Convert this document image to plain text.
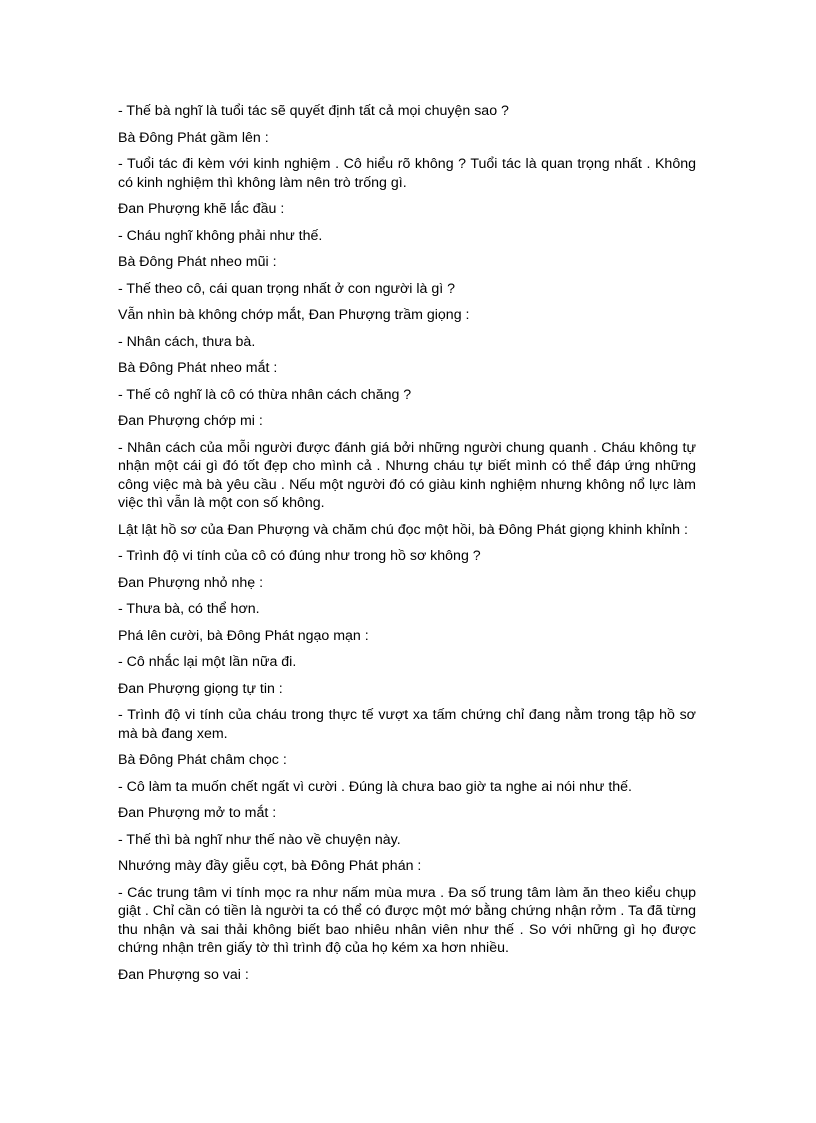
- Thế bà nghĩ là tuổi tác sẽ quyết định tất cả mọi chuyện sao ?

Bà Đông Phát gầm lên :

- Tuổi tác đi kèm với kinh nghiệm . Cô hiểu rõ không ? Tuổi tác là quan trọng nhất . Không có kinh nghiệm thì không làm nên trò trống gì.

Đan Phượng khẽ lắc đầu :

- Cháu nghĩ không phải như thế.

Bà Đông Phát nheo mũi :

- Thế theo cô, cái quan trọng nhất ở con người là gì ?

Vẫn nhìn bà không chớp mắt, Đan Phượng trầm giọng :

- Nhân cách, thưa bà.

Bà Đông Phát nheo mắt :

- Thế cô nghĩ là cô có thừa nhân cách chăng ?

Đan Phượng chớp mi :

- Nhân cách của mỗi người được đánh giá bởi những người chung quanh . Cháu không tự nhận một cái gì đó tốt đẹp cho mình cả . Nhưng cháu tự biết mình có thể đáp ứng những công việc mà bà yêu cầu . Nếu một người đó có giàu kinh nghiệm nhưng không nổ lực làm việc thì vẫn là một con số không.

Lật lật hồ sơ của Đan Phượng và chăm chú đọc một hồi, bà Đông Phát giọng khinh khỉnh :

- Trình độ vi tính của cô có đúng như trong hồ sơ không ?

Đan Phượng nhỏ nhẹ :

- Thưa bà, có thể hơn.

Phá lên cười, bà Đông Phát ngạo mạn :

- Cô nhắc lại một lần nữa đi.

Đan Phượng giọng tự tin :

- Trình độ vi tính của cháu trong thực tế vượt xa tấm chứng chỉ đang nằm trong tập hồ sơ mà bà đang xem.

Bà Đông Phát châm chọc :

- Cô làm ta muốn chết ngất vì cười . Đúng là chưa bao giờ ta nghe ai nói như thế.

Đan Phượng mở to mắt :

- Thế thì bà nghĩ như thế nào về chuyện này.

Nhướng mày đầy giễu cợt, bà Đông Phát phán :

- Các trung tâm vi tính mọc ra như nấm mùa mưa . Đa số trung tâm làm ăn theo kiểu chụp giật . Chỉ cần có tiền là người ta có thể có được một mớ bằng chứng nhận rởm . Ta đã từng thu nhận và sai thải không biết bao nhiêu nhân viên như thế . So với những gì họ được chứng nhận trên giấy tờ thì trình độ của họ kém xa hơn nhiều.

Đan Phượng so vai :
